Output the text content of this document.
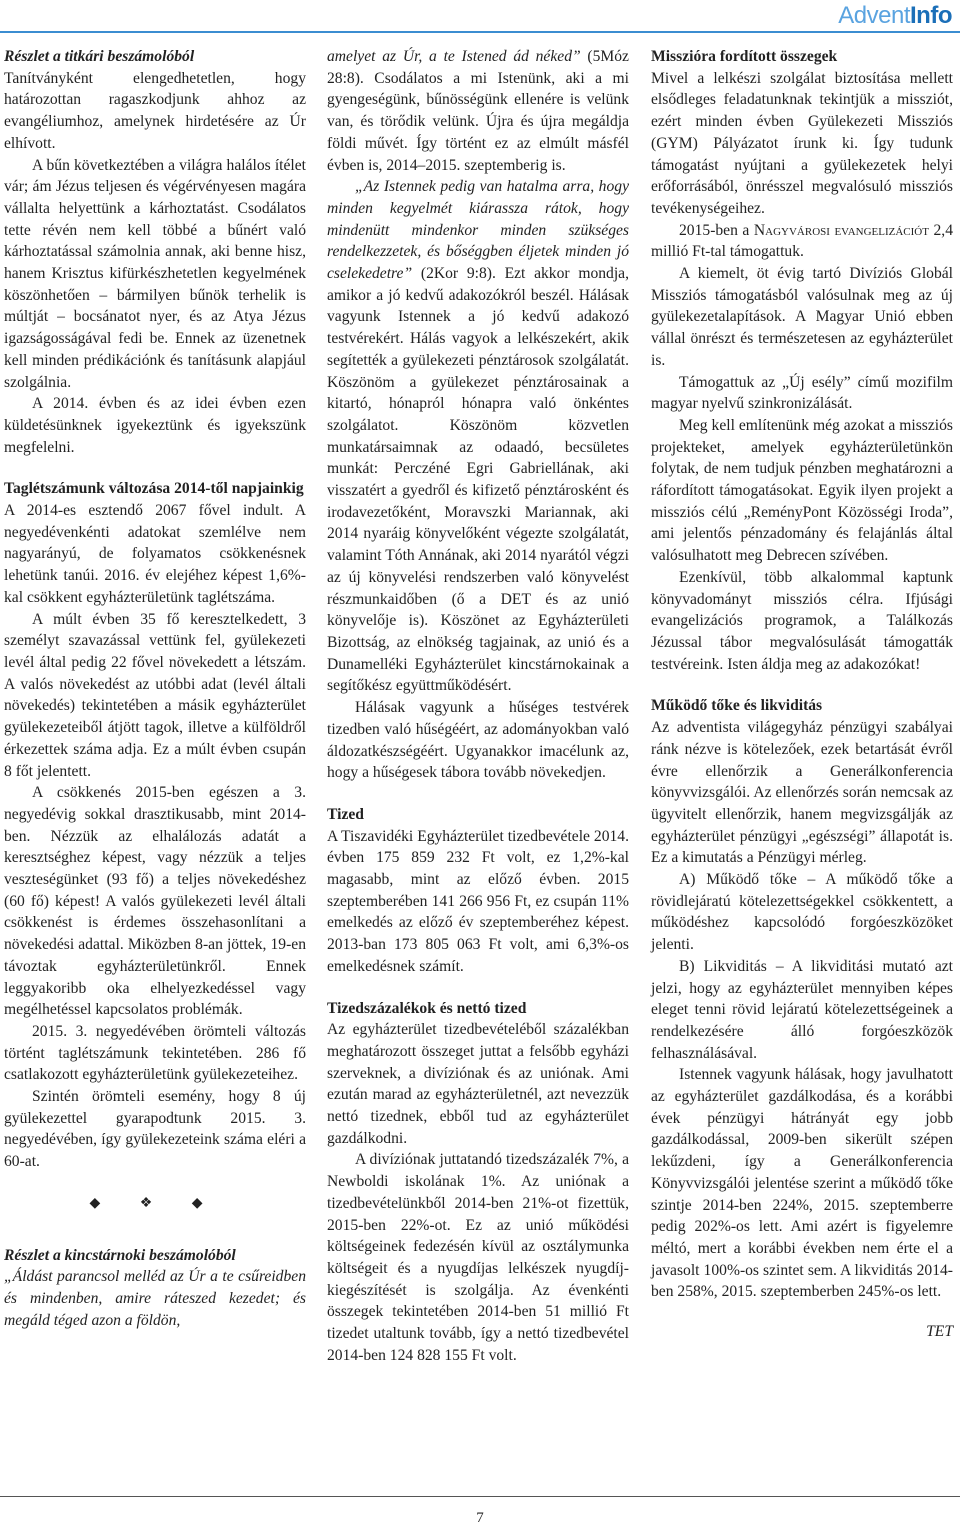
AdventInfo

Részlet a titkári beszámolóból

Tanítványként elengedhetetlen, hogy határozottan ragaszkodjunk ahhoz az evangéliumhoz, amelynek hirdetésére az Úr elhívott.

A bűn következtében a világra halálos ítélet vár; ám Jézus teljesen és végérvényesen magára vállalta helyettünk a kárhoztatást. Csodálatos tette révén nem kell többé a bűnért való kárhoztatással számolnia annak, aki benne hisz, hanem Krisztus kifürkészhetetlen kegyelmének köszönhetően – bármilyen bűnök terhelik is múltját – bocsánatot nyer, és az Atya Jézus igazságosságával fedi be. Ennek az üzenetnek kell minden prédikációnk és tanításunk alapjául szolgálnia.

A 2014. évben és az idei évben ezen küldetésünknek igyekeztünk és igyekszünk megfelelni.

Taglétszámunk változása 2014-től napjainkig

A 2014-es esztendő 2067 fővel indult. A negyedévenkénti adatokat szemlélve nem nagyarányú, de folyamatos csökkenésnek lehetünk tanúi. 2016. év elejéhez képest 1,6%-kal csökkent egyházterületünk taglétszáma.

A múlt évben 35 fő keresztelkedett, 3 személyt szavazással vettünk fel, gyülekezeti levél által pedig 22 fővel növekedett a létszám. A valós növekedést az utóbbi adat (levél általi növekedés) tekintetében a másik egyházterület gyülekezeteiből átjött tagok, illetve a külföldről érkezettek száma adja. Ez a múlt évben csupán 8 főt jelentett.

A csökkenés 2015-ben egészen a 3. negyedévig sokkal drasztikusabb, mint 2014-ben. Nézzük az elhalálozás adatát a keresztséghez képest, vagy nézzük a teljes veszteségünket (93 fő) a teljes növekedéshez (60 fő) képest! A valós gyülekezeti levél általi csökkenést is érdemes összehasonlítani a növekedési adattal. Miközben 8-an jöttek, 19-en távoztak egyházterületünkről. Ennek leggyakoribb oka elhelyezkedéssel vagy megélhetéssel kapcsolatos problémák.

2015. 3. negyedévében örömteli változás történt taglétszámunk tekintetében. 286 fő csatlakozott egyházterületünk gyülekezeteihez.

Szintén örömteli esemény, hogy 8 új gyülekezettel gyarapodtunk 2015. 3. negyedévében, így gyülekezeteink száma eléri a 60-at.

◆ ❖ ◆

Részlet a kincstárnoki beszámolóból

„Áldást parancsol melléd az Úr a te csűreidben és mindenben, amire ráteszed kezedet; és megáld téged azon a földön,

amelyet az Úr, a te Istened ád néked” (5Móz 28:8). Csodálatos a mi Istenünk, aki a mi gyengeségünk, bűnösségünk ellenére is velünk van, és törődik velünk. Újra és újra megáldja földi művét. Így történt ez az elmúlt másfél évben is, 2014–2015. szeptemberig is.

„Az Istennek pedig van hatalma arra, hogy minden kegyelmét kiárassza rátok, hogy mindenütt mindenkor minden szükséges rendelkezzetek, és bőséggben éljetek minden jó cselekedetre” (2Kor 9:8). Ezt akkor mondja, amikor a jó kedvű adakozókról beszél. Hálásak vagyunk Istennek a jó kedvű adakozó testvérekért. Hálás vagyok a lelkészekért, akik segítették a gyülekezeti pénztárosok szolgálatát. Köszönöm a gyülekezet pénztárosainak a kitartó, hónapról hónapra való önkéntes szolgálatot. Köszönöm közvetlen munkatársaimnak az odaadó, becsületes munkát: Perczéné Egri Gabriellának, aki visszatért a gyedről és kifizető pénztárosként és irodavezetőként, Moravszki Mariannak, aki 2014 nyaráig könyvelőként végezte szolgálatát, valamint Tóth Annának, aki 2014 nyarától végzi az új könyvelési rendszerben való könyvelést részmunkaidőben (ő a DET és az unió könyvelője is). Köszönet az Egyházterületi Bizottság, az elnökség tagjainak, az unió és a Dunamelléki Egyházterület kincstárnokainak a segítőkész együttműködésért.

Hálásak vagyunk a hűséges testvérek tizedben való hűségéért, az adományokban való áldozatkészségéért. Ugyanakkor imacélunk az, hogy a hűségesek tábora tovább növekedjen.

Tized

A Tiszavidéki Egyházterület tizedbevétele 2014. évben 175 859 232 Ft volt, ez 1,2%-kal magasabb, mint az előző évben. 2015 szeptemberében 141 266 956 Ft, ez csupán 11% emelkedés az előző év szeptemberéhez képest. 2013-ban 173 805 063 Ft volt, ami 6,3%-os emelkedésnek számít.

Tizedszázalékok és nettó tized

Az egyházterület tizedbevételéből százalékban meghatározott összeget juttat a felsőbb egyházi szerveknek, a divíziónak és az uniónak. Ami ezután marad az egyházterületnél, azt nevezzük nettó tizednek, ebből tud az egyházterület gazdálkodni.

A divíziónak juttatandó tizedszázalék 7%, a Newboldi iskolának 1%. Az uniónak a tizedbevételünkből 2014-ben 21%-ot fizettük, 2015-ben 22%-ot. Ez az unió működési költségeinek fedezésén kívül az osztálymunka költségeit és a nyugdíjas lelkészek nyugdíj-kiegészítését is szolgálja. Az évenkénti összegek tekintetében 2014-ben 51 millió Ft tizedet utaltunk tovább, így a nettó tizedbevétel 2014-ben 124 828 155 Ft volt.

Misszióra fordított összegek

Mivel a lelkészi szolgálat biztosítása mellett elsődleges feladatunknak tekintjük a missziót, ezért minden évben Gyülekezeti Missziós (GYM) Pályázatot írunk ki. Így tudunk támogatást nyújtani a gyülekezetek helyi erőforrásából, önrésszel megvalósuló missziós tevékenységeihez.

2015-ben a Nagyvárosi evangelizációt 2,4 millió Ft-tal támogattuk.

A kiemelt, öt évig tartó Divíziós Globál Missziós támogatásból valósulnak meg az új gyülekezetalapítások. A Magyar Unió ebben vállal önrészt és természetesen az egyházterület is.

Támogattuk az „Új esély” című mozifilm magyar nyelvű szinkronizálását.

Meg kell említenünk még azokat a missziós projekteket, amelyek egyházterületünkön folytak, de nem tudjuk pénzben meghatározni a ráfordított támogatásokat. Egyik ilyen projekt a missziós célú „ReményPont Közösségi Iroda”, ami jelentős pénzadomány és felajánlás által valósulhatott meg Debrecen szívében.

Ezenkívül, több alkalommal kaptunk könyvadományt missziós célra. Ifjúsági evangelizációs programok, a Találkozás Jézussal tábor megvalósulását támogatták testvéreink. Isten áldja meg az adakozókat!

Működő tőke és likviditás

Az adventista világegyház pénzügyi szabályai ránk nézve is kötelezőek, ezek betartását évről évre ellenőrzik a Generálkonferencia könyvvizsgálói. Az ellenőrzés során nemcsak az ügyvitelt ellenőrzik, hanem megvizsgálják az egyházterület pénzügyi „egészségi” állapotát is. Ez a kimutatás a Pénzügyi mérleg.

A) Működő tőke – A működő tőke a rövidlejáratú kötelezettségekkel csökkentett, a működéshez kapcsolódó forgóeszközöket jelenti.

B) Likviditás – A likviditási mutató azt jelzi, hogy az egyházterület mennyiben képes eleget tenni rövid lejáratú kötelezettségeinek a rendelkezésére álló forgóeszközök felhasználásával.

Istennek vagyunk hálásak, hogy javulhatott az egyházterület gazdálkodása, és a korábbi évek pénzügyi hátrányát egy jobb gazdálkodással, 2009-ben sikerült szépen lekűzdeni, így a Generálkonferencia Könyvvizsgálói jelentése szerint a működő tőke szintje 2014-ben 224%, 2015. szeptemberre pedig 202%-os lett. Ami azért is figyelemre méltó, mert a korábbi években nem érte el a javasolt 100%-os szintet sem. A likviditás 2014-ben 258%, 2015. szeptemberben 245%-os lett.

TET

7
